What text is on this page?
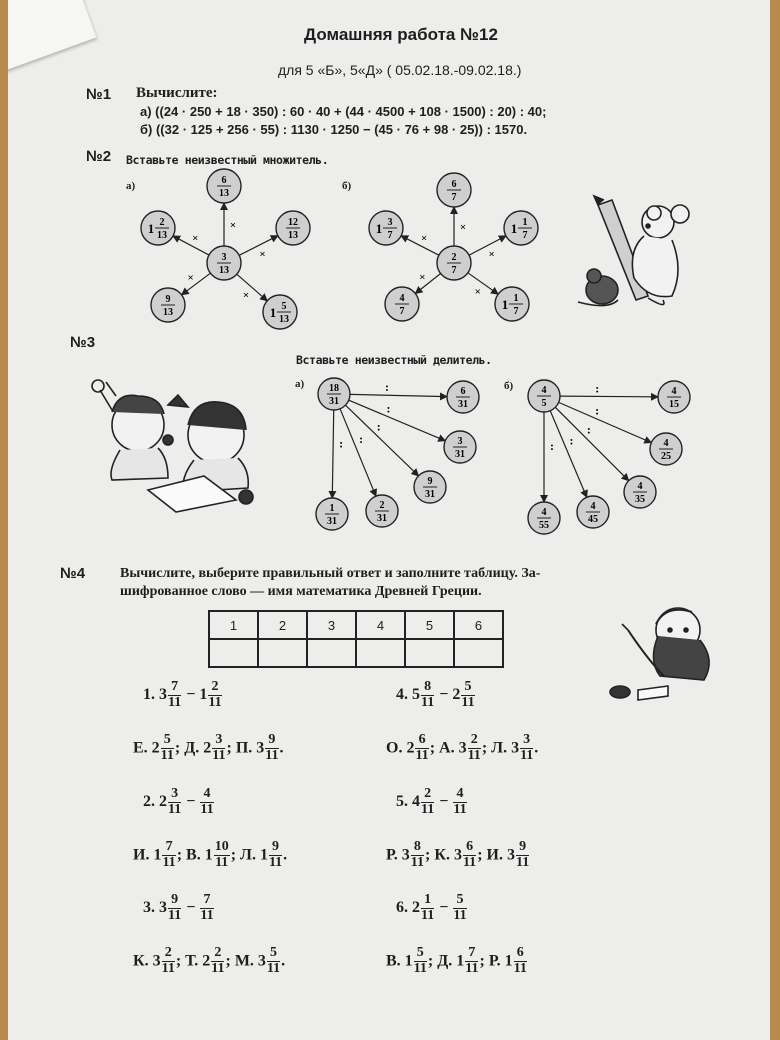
Домашняя работа №12
для 5 «Б», 5«Д» ( 05.02.18.-09.02.18.)
№1 Вычислите:
а) ((24 · 250 + 18 · 350) : 60 · 40 + (44 · 4500 + 108 · 1500) : 20) : 40;
б) ((32 · 125 + 256 · 55) : 1130 · 1250 − (45 · 76 + 98 · 25)) : 1570.
№2 Вставьте неизвестный множитель.
а)	б)
×
6
13
×
12
13
×
1 5
13
×
9
13
×
1 2
13
3
13
×
6
7
×
1 1
7
×
1 1
7
×
4
7
×
1 3
7
2
7
:	6
31
:
3
31
:
9
31
:
2
31
:
1
31
18
31
:	4
15
:
4
25
:
4
35
:
4
45
:
4
55
4
5
№3
Вставьте неизвестный делитель.
а)	б)
№4 Вычислите, выберите правильный ответ и заполните таблицу. За-
шифрованное слово — имя математика Древней Греции.
1	2	3	4	5	6

1. $3 \frac{7}{11} - 1 \frac{2}{11}$
Е. $2 \frac{5}{11}$ ; Д. $2 \frac{3}{11}$ ; П. $3 \frac{9}{11}$ .
2. $2 \frac{3}{11} - \frac{4}{11}$
И. $1 \frac{7}{11}$ ; В. $1 \frac{10}{11}$ ; Л. $1 \frac{9}{11}$ .
3. $3 \frac{9}{11} - \frac{7}{11}$
К. $3 \frac{2}{11}$ ; Т. $2 \frac{2}{11}$ ; М. $3 \frac{5}{11}$ .
4. $5 \frac{8}{11} - 2 \frac{5}{11}$
О. $2 \frac{6}{11}$ ; А. $3 \frac{2}{11}$ ; Л. $3 \frac{3}{11}$ .
5. $4 \frac{2}{11} - \frac{4}{11}$
Р. $3 \frac{8}{11}$ ; К. $3 \frac{6}{11}$ ; И. $3 \frac{9}{11}$
6. $2 \frac{1}{11} - \frac{5}{11}$
В. $1 \frac{5}{11}$ ; Д. $1 \frac{7}{11}$ ; Р. $1 \frac{6}{11}$
